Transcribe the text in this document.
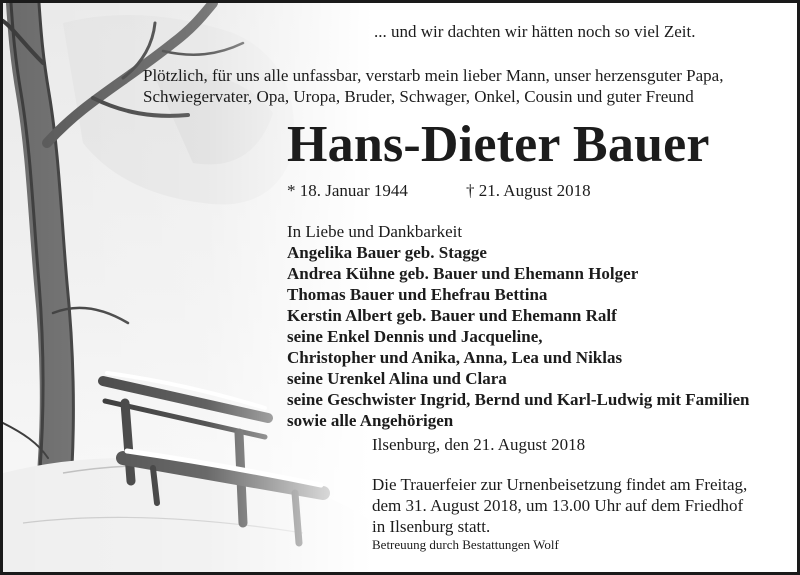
... und wir dachten wir hätten noch so viel Zeit.
Plötzlich, für uns alle unfassbar, verstarb mein lieber Mann, unser herzensguter Papa,
Schwiegervater, Opa, Uropa, Bruder, Schwager, Onkel, Cousin und guter Freund
Hans-Dieter Bauer
* 18. Januar 1944	† 21. August 2018
In Liebe und Dankbarkeit
Angelika Bauer geb. Stagge
Andrea Kühne geb. Bauer und Ehemann Holger
Thomas Bauer und Ehefrau Bettina
Kerstin Albert geb. Bauer und Ehemann Ralf
seine Enkel Dennis und Jacqueline,
Christopher und Anika, Anna, Lea und Niklas
seine Urenkel Alina und Clara
seine Geschwister Ingrid, Bernd und Karl-Ludwig mit Familien
sowie alle Angehörigen
Ilsenburg, den 21. August 2018
Die Trauerfeier zur Urnenbeisetzung findet am Freitag,
dem 31. August 2018, um 13.00 Uhr auf dem Friedhof
in Ilsenburg statt.
Betreuung durch Bestattungen Wolf
